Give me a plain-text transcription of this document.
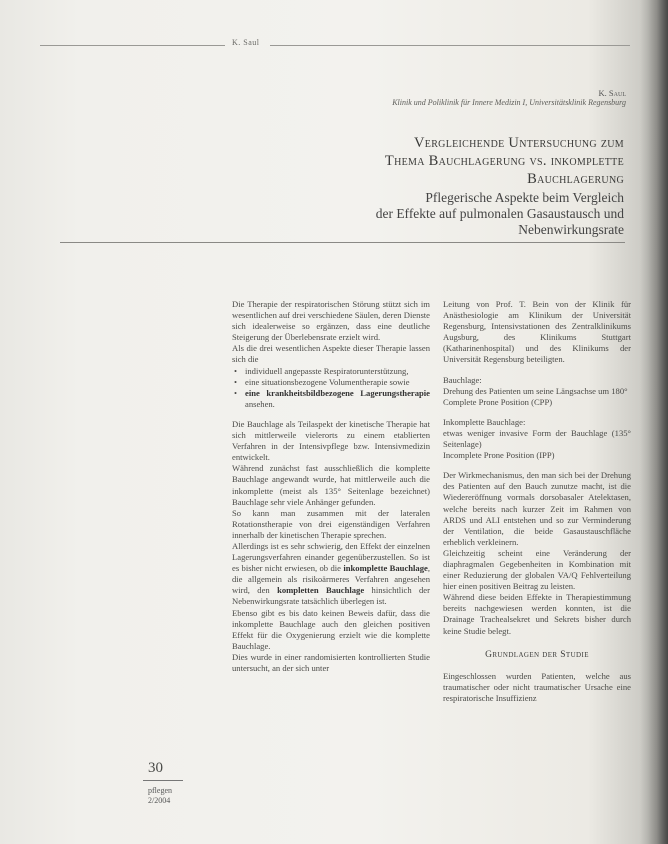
K. Saul
K. Saul
Klinik und Poliklinik für Innere Medizin I, Universitätsklinik Regensburg

Vergleichende Untersuchung zum
Thema Bauchlagerung vs. inkomplette
Bauchlagerung

Pflegerische Aspekte beim Vergleich
der Effekte auf pulmonalen Gasaustausch und
Nebenwirkungsrate

Die Therapie der respiratorischen Störung stützt sich im wesentlichen auf drei verschiedene Säulen, deren Dienste sich idealerweise so ergänzen, dass eine deutliche Steigerung der Überlebensrate erzielt wird.

Als die drei wesentlichen Aspekte dieser Therapie lassen sich die

• individuell angepasste Respiratorunterstützung,
• eine situationsbezogene Volumentherapie sowie
• eine krankheitsbildbezogene Lagerungstherapie ansehen.

Die Bauchlage als Teilaspekt der kinetische Therapie hat sich mittlerweile vielerorts zu einem etablierten Verfahren in der Intensivpflege bzw. Intensivmedizin entwickelt.

Während zunächst fast ausschließlich die komplette Bauchlage angewandt wurde, hat mittlerweile auch die inkomplette (meist als 135° Seitenlage bezeichnet) Bauchlage sehr viele Anhänger gefunden.

So kann man zusammen mit der lateralen Rotationstherapie von drei eigenständigen Verfahren innerhalb der kinetischen Therapie sprechen.

Allerdings ist es sehr schwierig, den Effekt der einzelnen Lagerungsverfahren einander gegenüberzustellen. So ist es bisher nicht erwiesen, ob die inkomplette Bauchlage, die allgemein als risikoärmeres Verfahren angesehen wird, den kompletten Bauchlage hinsichtlich der Nebenwirkungsrate tatsächlich überlegen ist.

Ebenso gibt es bis dato keinen Beweis dafür, dass die inkomplette Bauchlage auch den gleichen positiven Effekt für die Oxygenierung erzielt wie die komplette Bauchlage.

Dies wurde in einer randomisierten kontrollierten Studie untersucht, an der sich unter

Leitung von Prof. T. Bein von der Klinik für Anästhesiologie am Klinikum der Universität Regensburg, Intensivstationen des Zentralklinikums Augsburg, des Klinikums Stuttgart (Katharinenhospital) und des Klinikums der Universität Regensburg beteiligten.

Bauchlage:

Drehung des Patienten um seine Längsachse um 180°

Complete Prone Position (CPP)

Inkomplette Bauchlage:

etwas weniger invasive Form der Bauchlage (135° Seitenlage)

Incomplete Prone Position (IPP)

Der Wirkmechanismus, den man sich bei der Drehung des Patienten auf den Bauch zunutze macht, ist die Wiedereröffnung vormals dorsobasaler Atelektasen, welche bereits nach kurzer Zeit im Rahmen von ARDS und ALI entstehen und so zur Verminderung der Ventilation, die beide Gasaustauschfläche erheblich verkleinern.

Gleichzeitig scheint eine Veränderung der diaphragmalen Gegebenheiten in Kombination mit einer Reduzierung der globalen VA/Q Fehlverteilung hier einen positiven Beitrag zu leisten.

Während diese beiden Effekte in Therapiestimmung bereits nachgewiesen werden konnten, ist die Drainage Trachealsekret und Sekrets bisher durch keine Studie belegt.

Grundlagen der Studie

Eingeschlossen wurden Patienten, welche aus traumatischer oder nicht traumatischer Ursache eine respiratorische Insuffizienz

30
pflegen
2/2004
